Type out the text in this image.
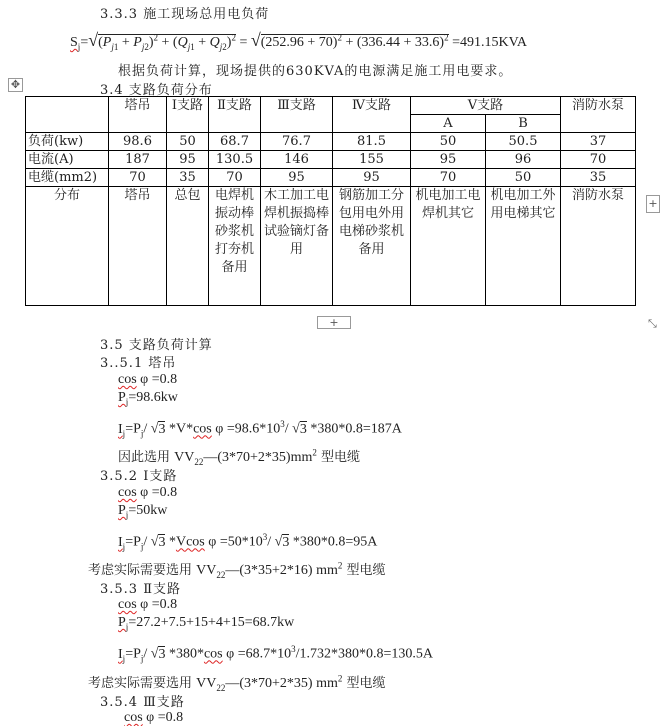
3.3.3 施工现场总用电负荷
$S_j=√(P_{j1} + P_{j2})^2 + (Q_{j1} + Q_{j2})^2 = √(252.96 + 70)^2 + (336.44 + 33.6)^2 =491.15KVA$
根据负荷计算，现场提供的630KVA的电源满足施工用电要求。
✥	3.4 支路负荷分布
	塔吊	Ⅰ支路	Ⅱ支路	Ⅲ支路	Ⅳ支路	Ⅴ支路		消防水泵
						A	B	
负荷(kw)	98.6	50	68.7	76.7	81.5	50	50.5	37
电流(A)	187	95	130.5	146	155	95	96	70
电缆(mm2)	70	35	70	95	95	70	50	35
分布	塔吊	总包	电焊机振动棒砂浆机打夯机备用	木工加工电焊机振捣棒试验镝灯备用	钢筋加工分包用电外用电梯砂浆机备用	机电加工电焊机其它	机电加工外用电梯其它	消防水泵
+
+	⤡
3.5 支路负荷计算
3..5.1 塔吊
cos φ =0.8
$P_j=98.6kw$
$I_j=P_j/$ √3 *V*cos $\varphi =98.6*10^3/$ √3 *380*0.8=187A
因此选用 $VV_{22}—(3*70+2*35)mm^2$ 型电缆
3.5.2 Ⅰ支路
cos φ =0.8
$P_j=50kw$
$I_j=P_j/$ √3 *Vcos $\varphi =50*10^3/$ √3 *380*0.8=95A
考虑实际需要选用 $VV_{22}—(3*35+2*16)$ $mm^2$ 型电缆
3.5.3 Ⅱ支路
cos φ =0.8
$P_j=27.2+7.5+15+4+15=68.7kw$
$I_j=P_j/$ √3 *380*cos $\varphi =68.7*10^3/1.732*380*0.8=130.5A$
考虑实际需要选用 $VV_{22}—(3*70+2*35)$ $mm^2$ 型电缆
3.5.4 Ⅲ支路
cos φ =0.8
